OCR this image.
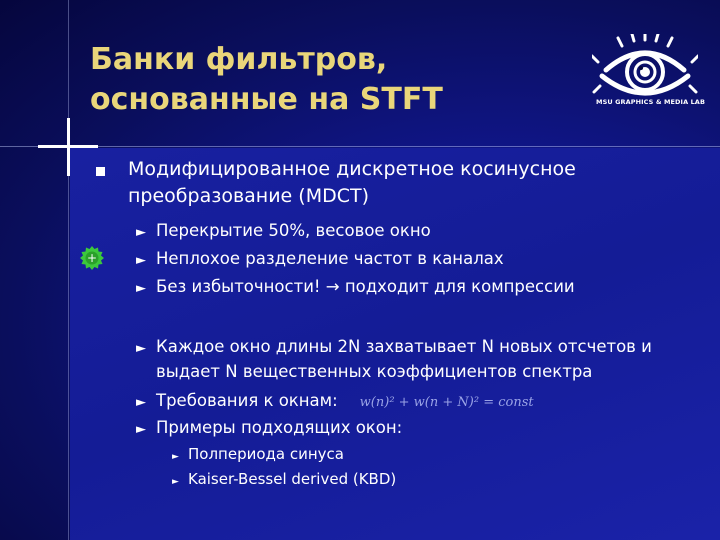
Банки фильтров,
основанные на STFT	MSU GRAPHICS & MEDIA LAB
Модифицированное дискретное косинусное
преобразование (MDCT)
+
► Перекрытие 50%, весовое окно
► Неплохое разделение частот в каналах
► Без избыточности! → подходит для компрессии
► Каждое окно длины 2N захватывает N новых отсчетов и
выдает N вещественных коэффициентов спектра
► Требования к окнам: w(n)² + w(n + N)² = const
► Примеры подходящих окон:
► Полпериода синуса
► Kaiser-Bessel derived (KBD)
